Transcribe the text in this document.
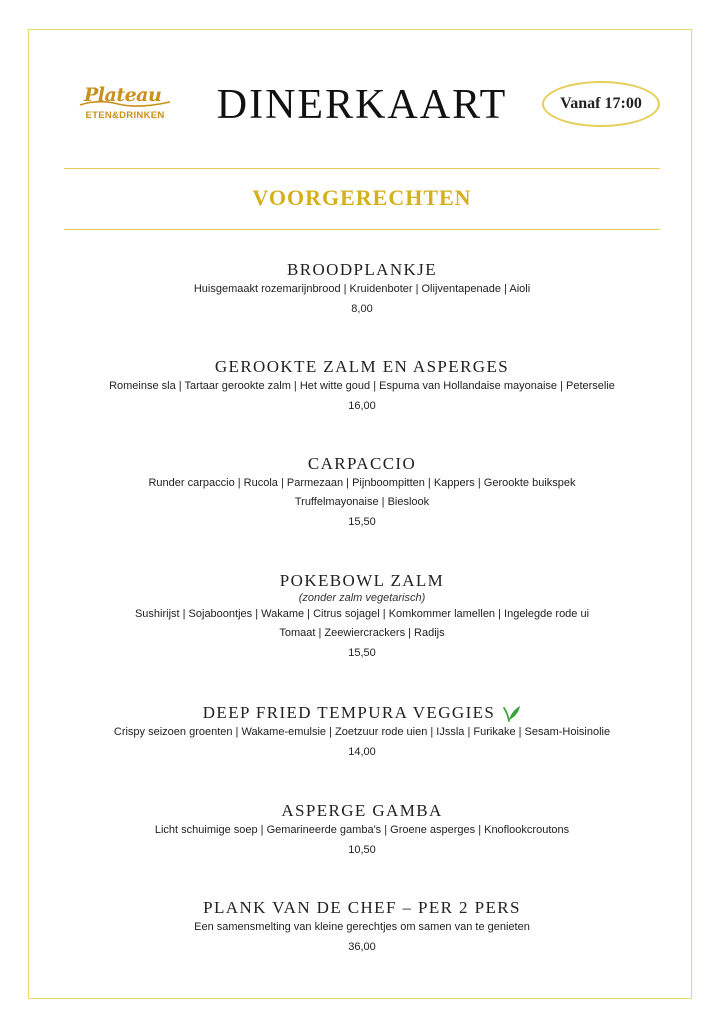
Plateau
ETEN&DRINKEN	DINERKAART	Vanaf 17:00
VOORGERECHTEN
BROODPLANKJE
Huisgemaakt rozemarijnbrood | Kruidenboter | Olijventapenade | Aioli
8,00
GEROOKTE ZALM EN ASPERGES
Romeinse sla | Tartaar gerookte zalm | Het witte goud | Espuma van Hollandaise mayonaise | Peterselie
16,00
CARPACCIO
Runder carpaccio | Rucola | Parmezaan | Pijnboompitten | Kappers | Gerookte buikspek
Truffelmayonaise | Bieslook
15,50
POKEBOWL ZALM
(zonder zalm vegetarisch)
Sushirijst | Sojaboontjes | Wakame | Citrus sojagel | Komkommer lamellen | Ingelegde rode ui
Tomaat | Zeewiercrackers | Radijs
15,50
DEEP FRIED TEMPURA VEGGIES
Crispy seizoen groenten | Wakame-emulsie | Zoetzuur rode uien | IJssla | Furikake | Sesam-Hoisinolie
14,00
ASPERGE GAMBA
Licht schuimige soep | Gemarineerde gamba's | Groene asperges | Knoflookcroutons
10,50
PLANK VAN DE CHEF – PER 2 PERS
Een samensmelting van kleine gerechtjes om samen van te genieten
36,00
